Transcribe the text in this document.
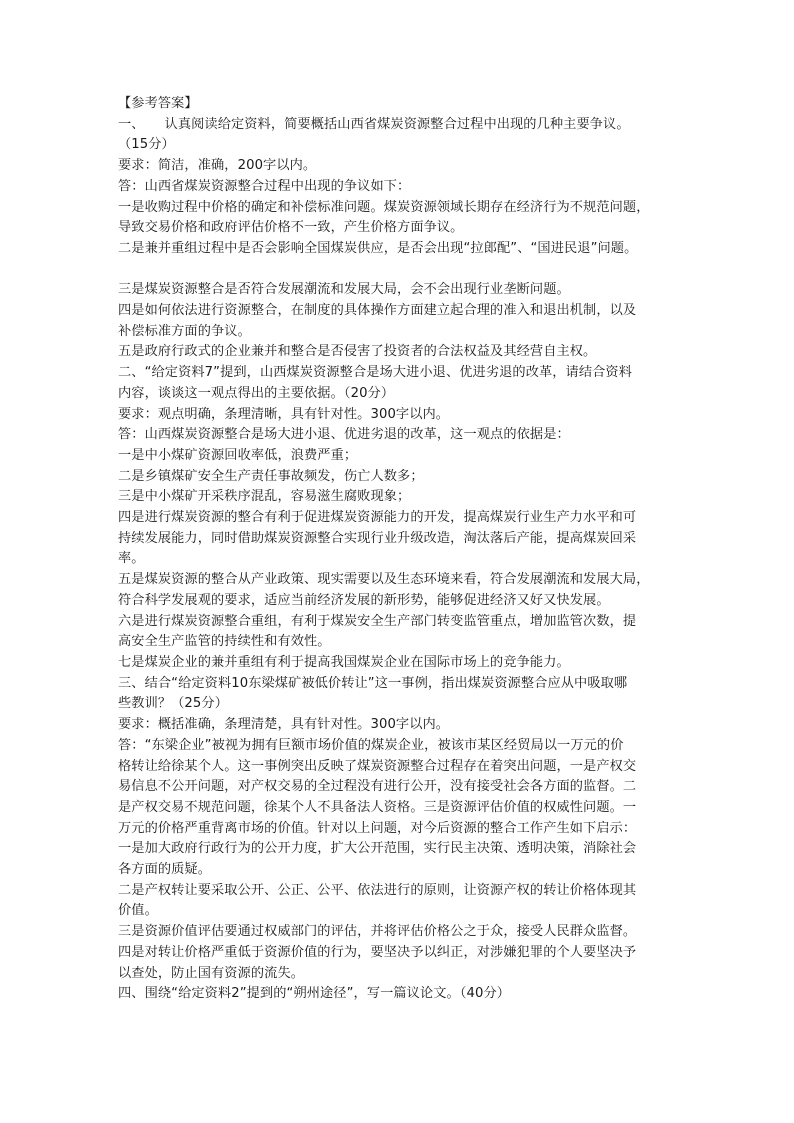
【参考答案】
一、　　认真阅读给定资料，简要概括山西省煤炭资源整合过程中出现的几种主要争议。
（15分）
要求：简洁，准确，200字以内。
答：山西省煤炭资源整合过程中出现的争议如下：
一是收购过程中价格的确定和补偿标准问题。煤炭资源领域长期存在经济行为不规范问题，
导致交易价格和政府评估价格不一致，产生价格方面争议。
二是兼并重组过程中是否会影响全国煤炭供应，是否会出现“拉郎配”、“国进民退”问题。

三是煤炭资源整合是否符合发展潮流和发展大局，会不会出现行业垄断问题。
四是如何依法进行资源整合，在制度的具体操作方面建立起合理的准入和退出机制，以及
补偿标准方面的争议。
五是政府行政式的企业兼并和整合是否侵害了投资者的合法权益及其经营自主权。
二、“给定资料7”提到，山西煤炭资源整合是场大进小退、优进劣退的改革，请结合资料
内容，谈谈这一观点得出的主要依据。（20分）
要求：观点明确，条理清晰，具有针对性。300字以内。
答：山西煤炭资源整合是场大进小退、优进劣退的改革，这一观点的依据是：
一是中小煤矿资源回收率低，浪费严重；
二是乡镇煤矿安全生产责任事故频发，伤亡人数多；
三是中小煤矿开采秩序混乱，容易滋生腐败现象；
四是进行煤炭资源的整合有利于促进煤炭资源能力的开发，提高煤炭行业生产力水平和可
持续发展能力，同时借助煤炭资源整合实现行业升级改造，淘汰落后产能，提高煤炭回采
率。
五是煤炭资源的整合从产业政策、现实需要以及生态环境来看，符合发展潮流和发展大局，
符合科学发展观的要求，适应当前经济发展的新形势，能够促进经济又好又快发展。
六是进行煤炭资源整合重组，有利于煤炭安全生产部门转变监管重点，增加监管次数，提
高安全生产监管的持续性和有效性。
七是煤炭企业的兼并重组有利于提高我国煤炭企业在国际市场上的竞争能力。
三、结合“给定资料10东梁煤矿被低价转让”这一事例，指出煤炭资源整合应从中吸取哪
些教训？（25分）
要求：概括准确，条理清楚，具有针对性。300字以内。
答：“东梁企业”被视为拥有巨额市场价值的煤炭企业，被该市某区经贸局以一万元的价
格转让给徐某个人。这一事例突出反映了煤炭资源整合过程存在着突出问题，一是产权交
易信息不公开问题，对产权交易的全过程没有进行公开，没有接受社会各方面的监督。二
是产权交易不规范问题，徐某个人不具备法人资格。三是资源评估价值的权威性问题。一
万元的价格严重背离市场的价值。针对以上问题，对今后资源的整合工作产生如下启示：
一是加大政府行政行为的公开力度，扩大公开范围，实行民主决策、透明决策，消除社会
各方面的质疑。
二是产权转让要采取公开、公正、公平、依法进行的原则，让资源产权的转让价格体现其
价值。
三是资源价值评估要通过权威部门的评估，并将评估价格公之于众，接受人民群众监督。
四是对转让价格严重低于资源价值的行为，要坚决予以纠正，对涉嫌犯罪的个人要坚决予
以查处，防止国有资源的流失。
四、围绕“给定资料2”提到的“朔州途径”，写一篇议论文。（40分）
